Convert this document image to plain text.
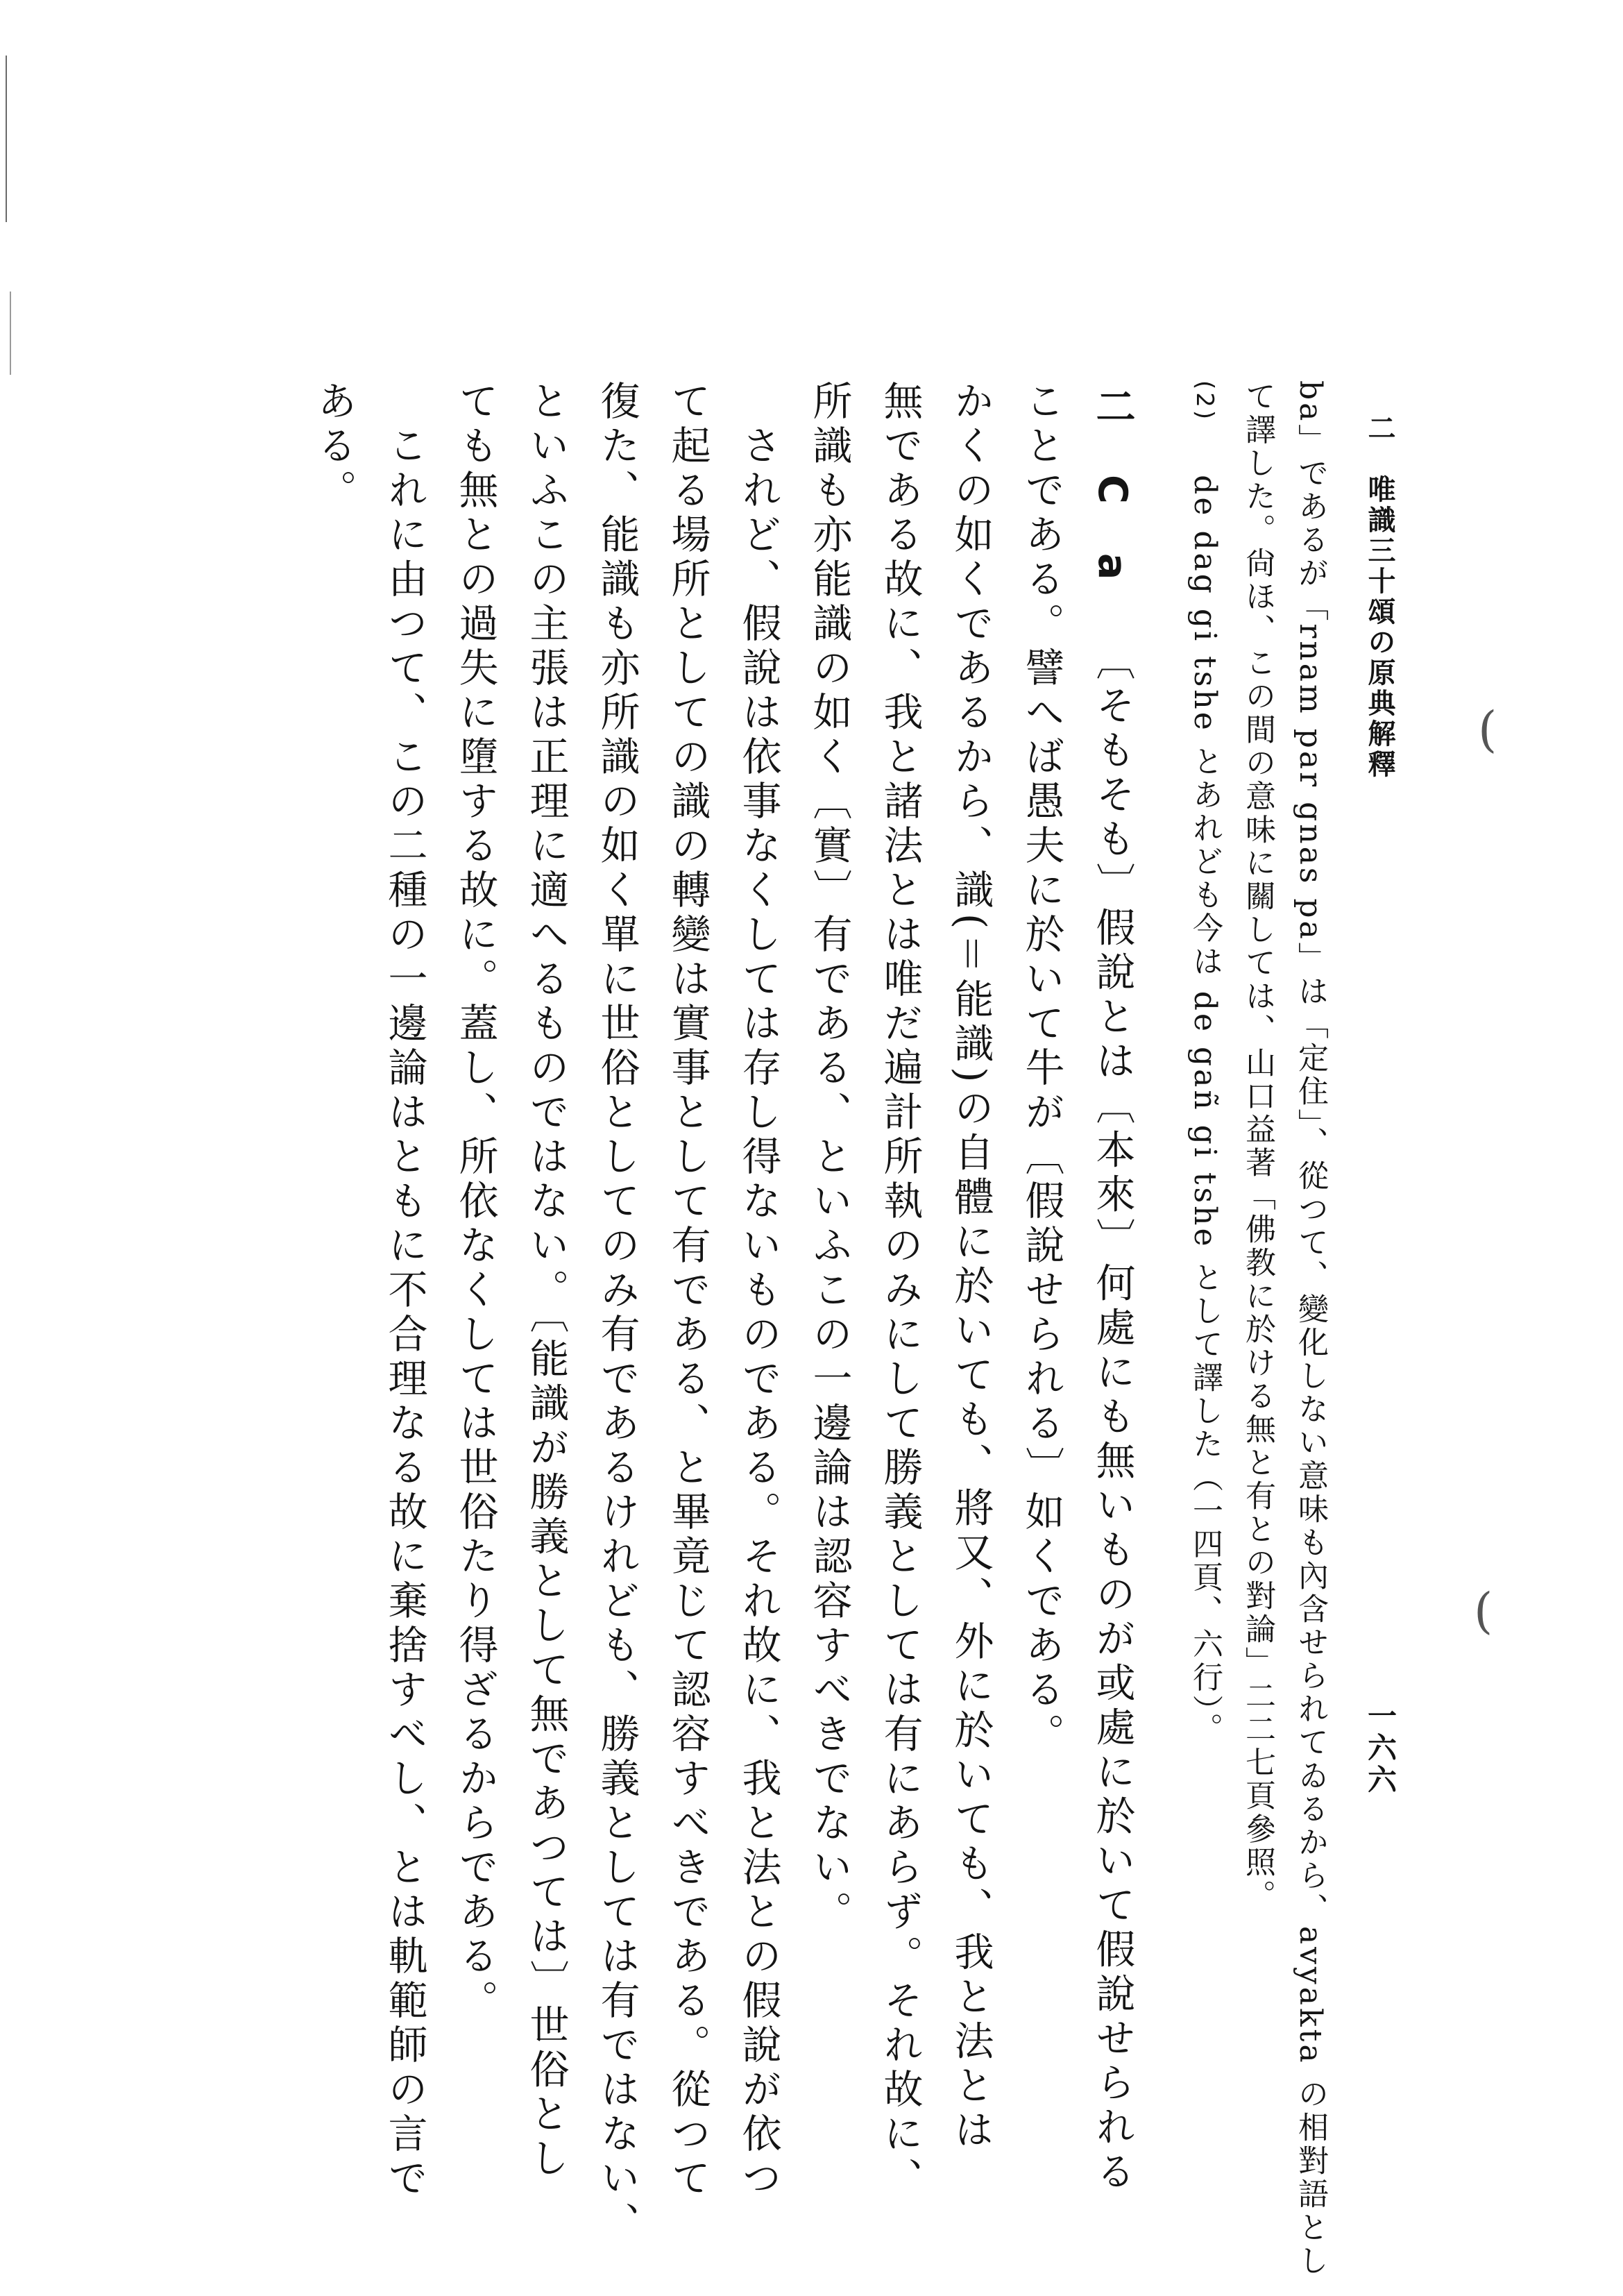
二　唯識三十頌の原典解釋
一六六
ba」であるが「rnam par gnas pa」は「定住」、從つて、變化しない意味も內含せられてゐるから、avyakta の相對語とし
て譯した。尙ほ、この間の意味に關しては、山口益著「佛教に於ける無と有との對論」二二七頁參照。
(2)  de dag gi tshe とあれども今は de gañ gi tshe として譯した（一四頁、六行）。
二　C　a  〔そもそも〕假說とは〔本來〕何處にも無いものが或處に於いて假說せられる
ことである。譬へば愚夫に於いて牛が〔假說せられる〕如くである。
かくの如くであるから、識(＝能識)の自體に於いても、將又、外に於いても、我と法とは
無である故に、我と諸法とは唯だ遍計所執のみにして勝義としては有にあらず。それ故に、
所識も亦能識の如く〔實〕有である、といふこの一邊論は認容すべきでない。
されど、假說は依事なくしては存し得ないものである。それ故に、我と法との假說が依つ
て起る場所としての識の轉變は實事として有である、と畢竟じて認容すべきである。從つて
復た、能識も亦所識の如く單に世俗としてのみ有であるけれども、勝義としては有ではない、
といふこの主張は正理に適へるものではない。〔能識が勝義として無であつては〕世俗とし
ても無との過失に墮する故に。蓋し、所依なくしては世俗たり得ざるからである。
これに由つて、この二種の一邊論はともに不合理なる故に棄捨すべし、とは軌範師の言で
ある。
(
(
